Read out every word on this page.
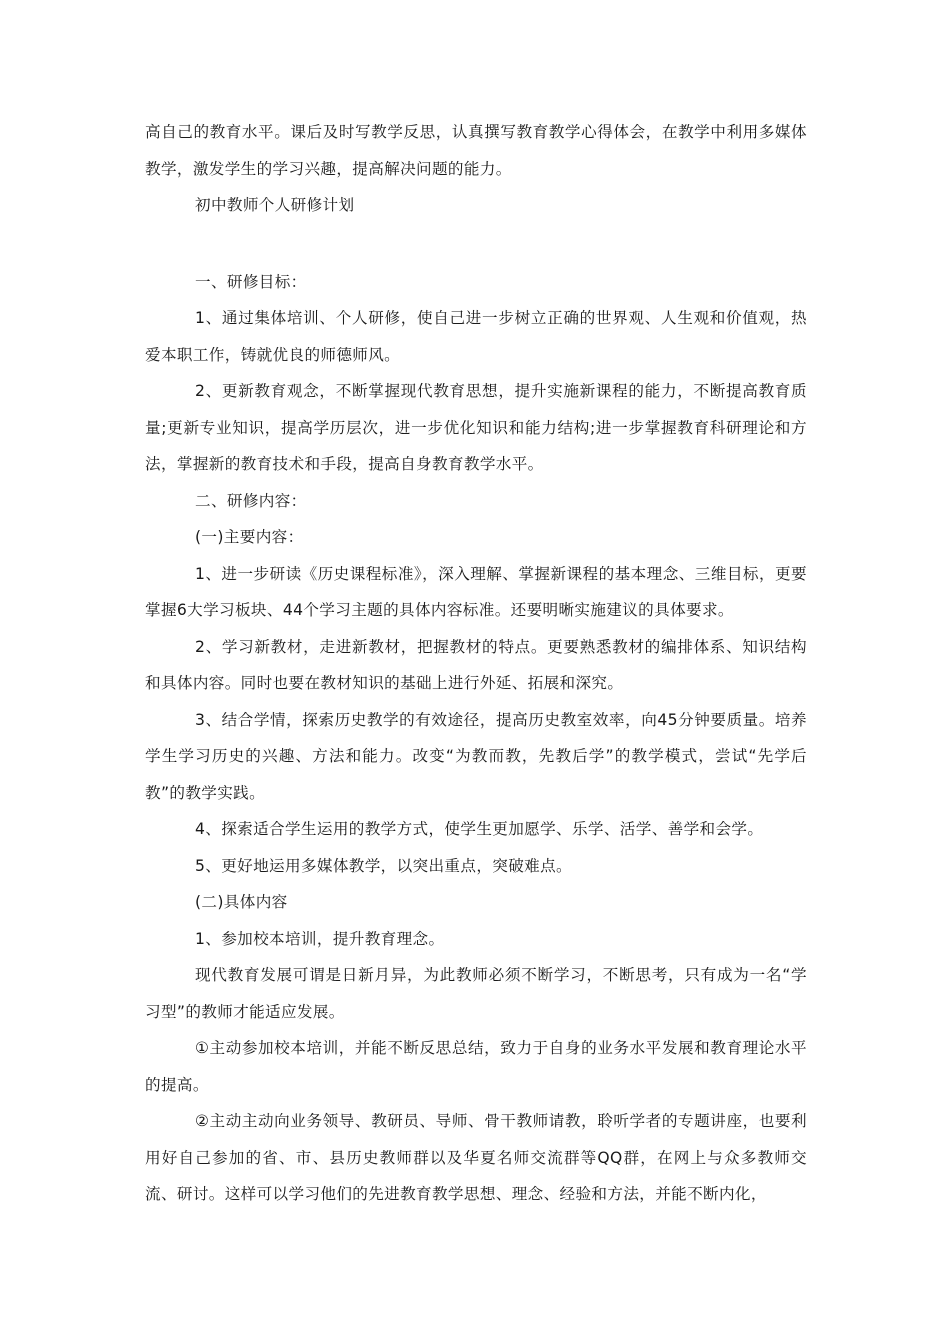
高自己的教育水平。课后及时写教学反思，认真撰写教育教学心得体会，在教学中利用多媒体教学，激发学生的学习兴趣，提高解决问题的能力。

初中教师个人研修计划

一、研修目标：

1、通过集体培训、个人研修，使自己进一步树立正确的世界观、人生观和价值观，热爱本职工作，铸就优良的师德师风。

2、更新教育观念，不断掌握现代教育思想，提升实施新课程的能力，不断提高教育质量;更新专业知识，提高学历层次，进一步优化知识和能力结构;进一步掌握教育科研理论和方法，掌握新的教育技术和手段，提高自身教育教学水平。

二、研修内容：

(一)主要内容：

1、进一步研读《历史课程标准》，深入理解、掌握新课程的基本理念、三维目标，更要掌握6大学习板块、44个学习主题的具体内容标准。还要明晰实施建议的具体要求。

2、学习新教材，走进新教材，把握教材的特点。更要熟悉教材的编排体系、知识结构和具体内容。同时也要在教材知识的基础上进行外延、拓展和深究。

3、结合学情，探索历史教学的有效途径，提高历史教室效率，向45分钟要质量。培养学生学习历史的兴趣、方法和能力。改变“为教而教，先教后学”的教学模式，尝试“先学后教”的教学实践。

4、探索适合学生运用的教学方式，使学生更加愿学、乐学、活学、善学和会学。

5、更好地运用多媒体教学，以突出重点，突破难点。

(二)具体内容

1、参加校本培训，提升教育理念。

现代教育发展可谓是日新月异，为此教师必须不断学习，不断思考，只有成为一名“学习型”的教师才能适应发展。

①主动参加校本培训，并能不断反思总结，致力于自身的业务水平发展和教育理论水平的提高。

②主动主动向业务领导、教研员、导师、骨干教师请教，聆听学者的专题讲座，也要利用好自己参加的省、市、县历史教师群以及华夏名师交流群等QQ群，在网上与众多教师交流、研讨。这样可以学习他们的先进教育教学思想、理念、经验和方法，并能不断内化，
